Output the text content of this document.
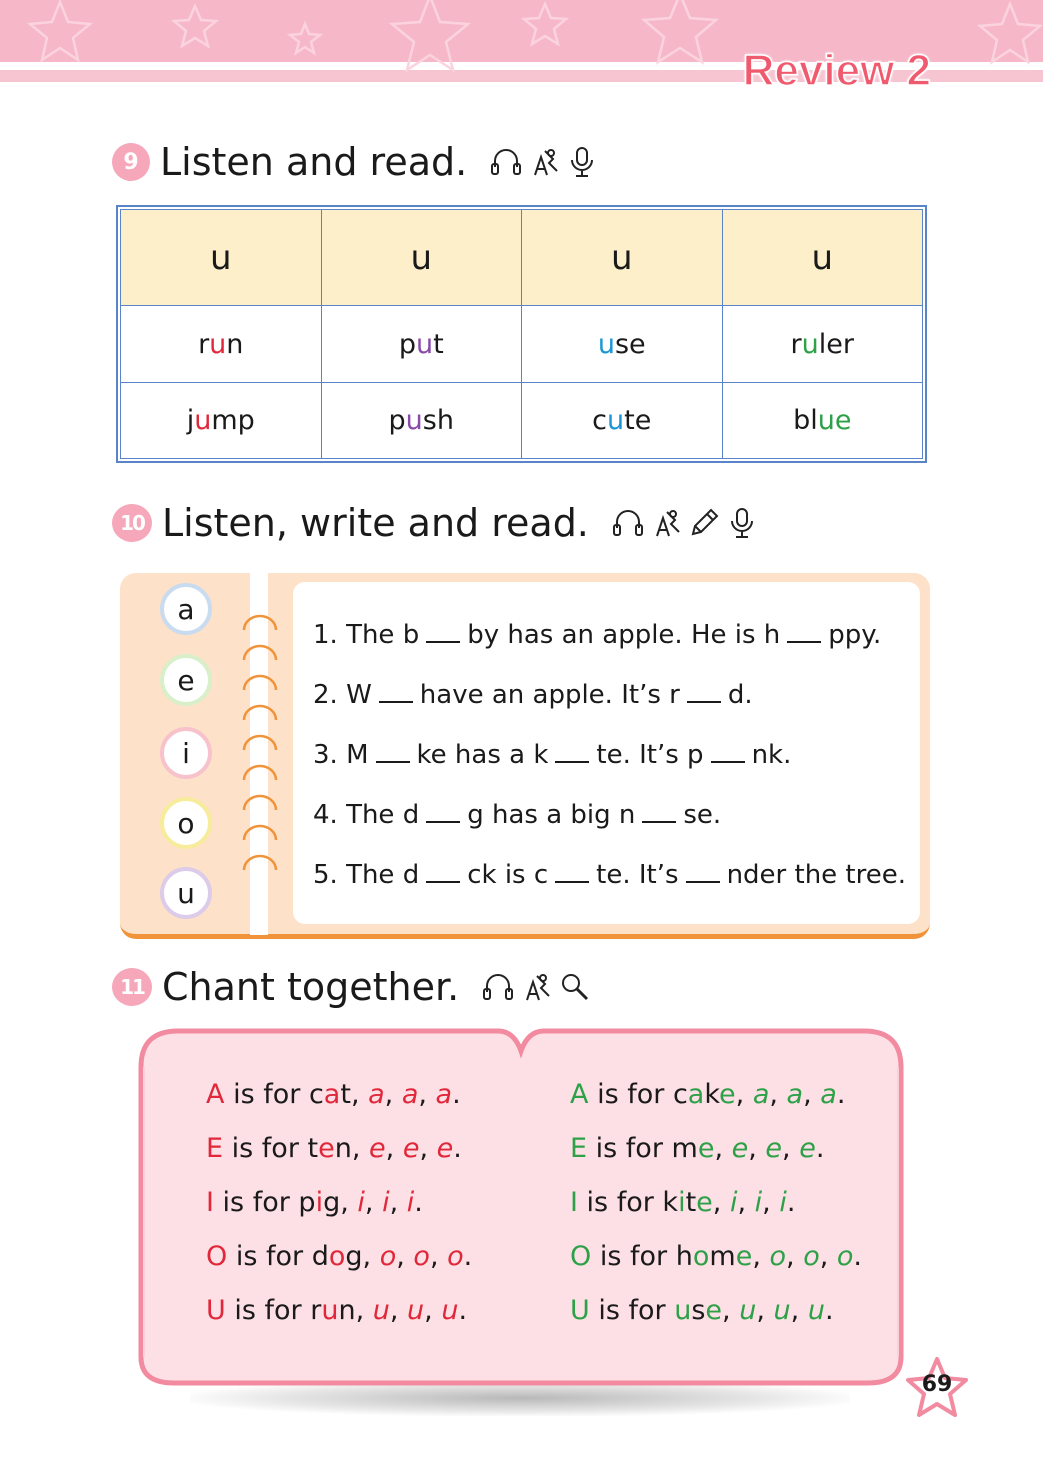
Review 2
9 Listen and read.
u	u	u	u
run	put	use	ruler
jump	push	cute	blue
10 Listen, write and read.
a
e
i
o
u
1. The b by has an apple. He is h ppy.
2. W have an apple. It’s r d.
3. M ke has a k te. It’s p nk.
4. The d g has a big n se.
5. The d ck is c te. It’s nder the tree.
11 Chant together.
A is for cat, a, a, a.
E is for ten, e, e, e.
I is for pig, i, i, i.
O is for dog, o, o, o.
U is for run, u, u, u.
A is for cake, a, a, a.
E is for me, e, e, e.
I is for kite, i, i, i.
O is for home, o, o, o.
U is for use, u, u, u.
69
